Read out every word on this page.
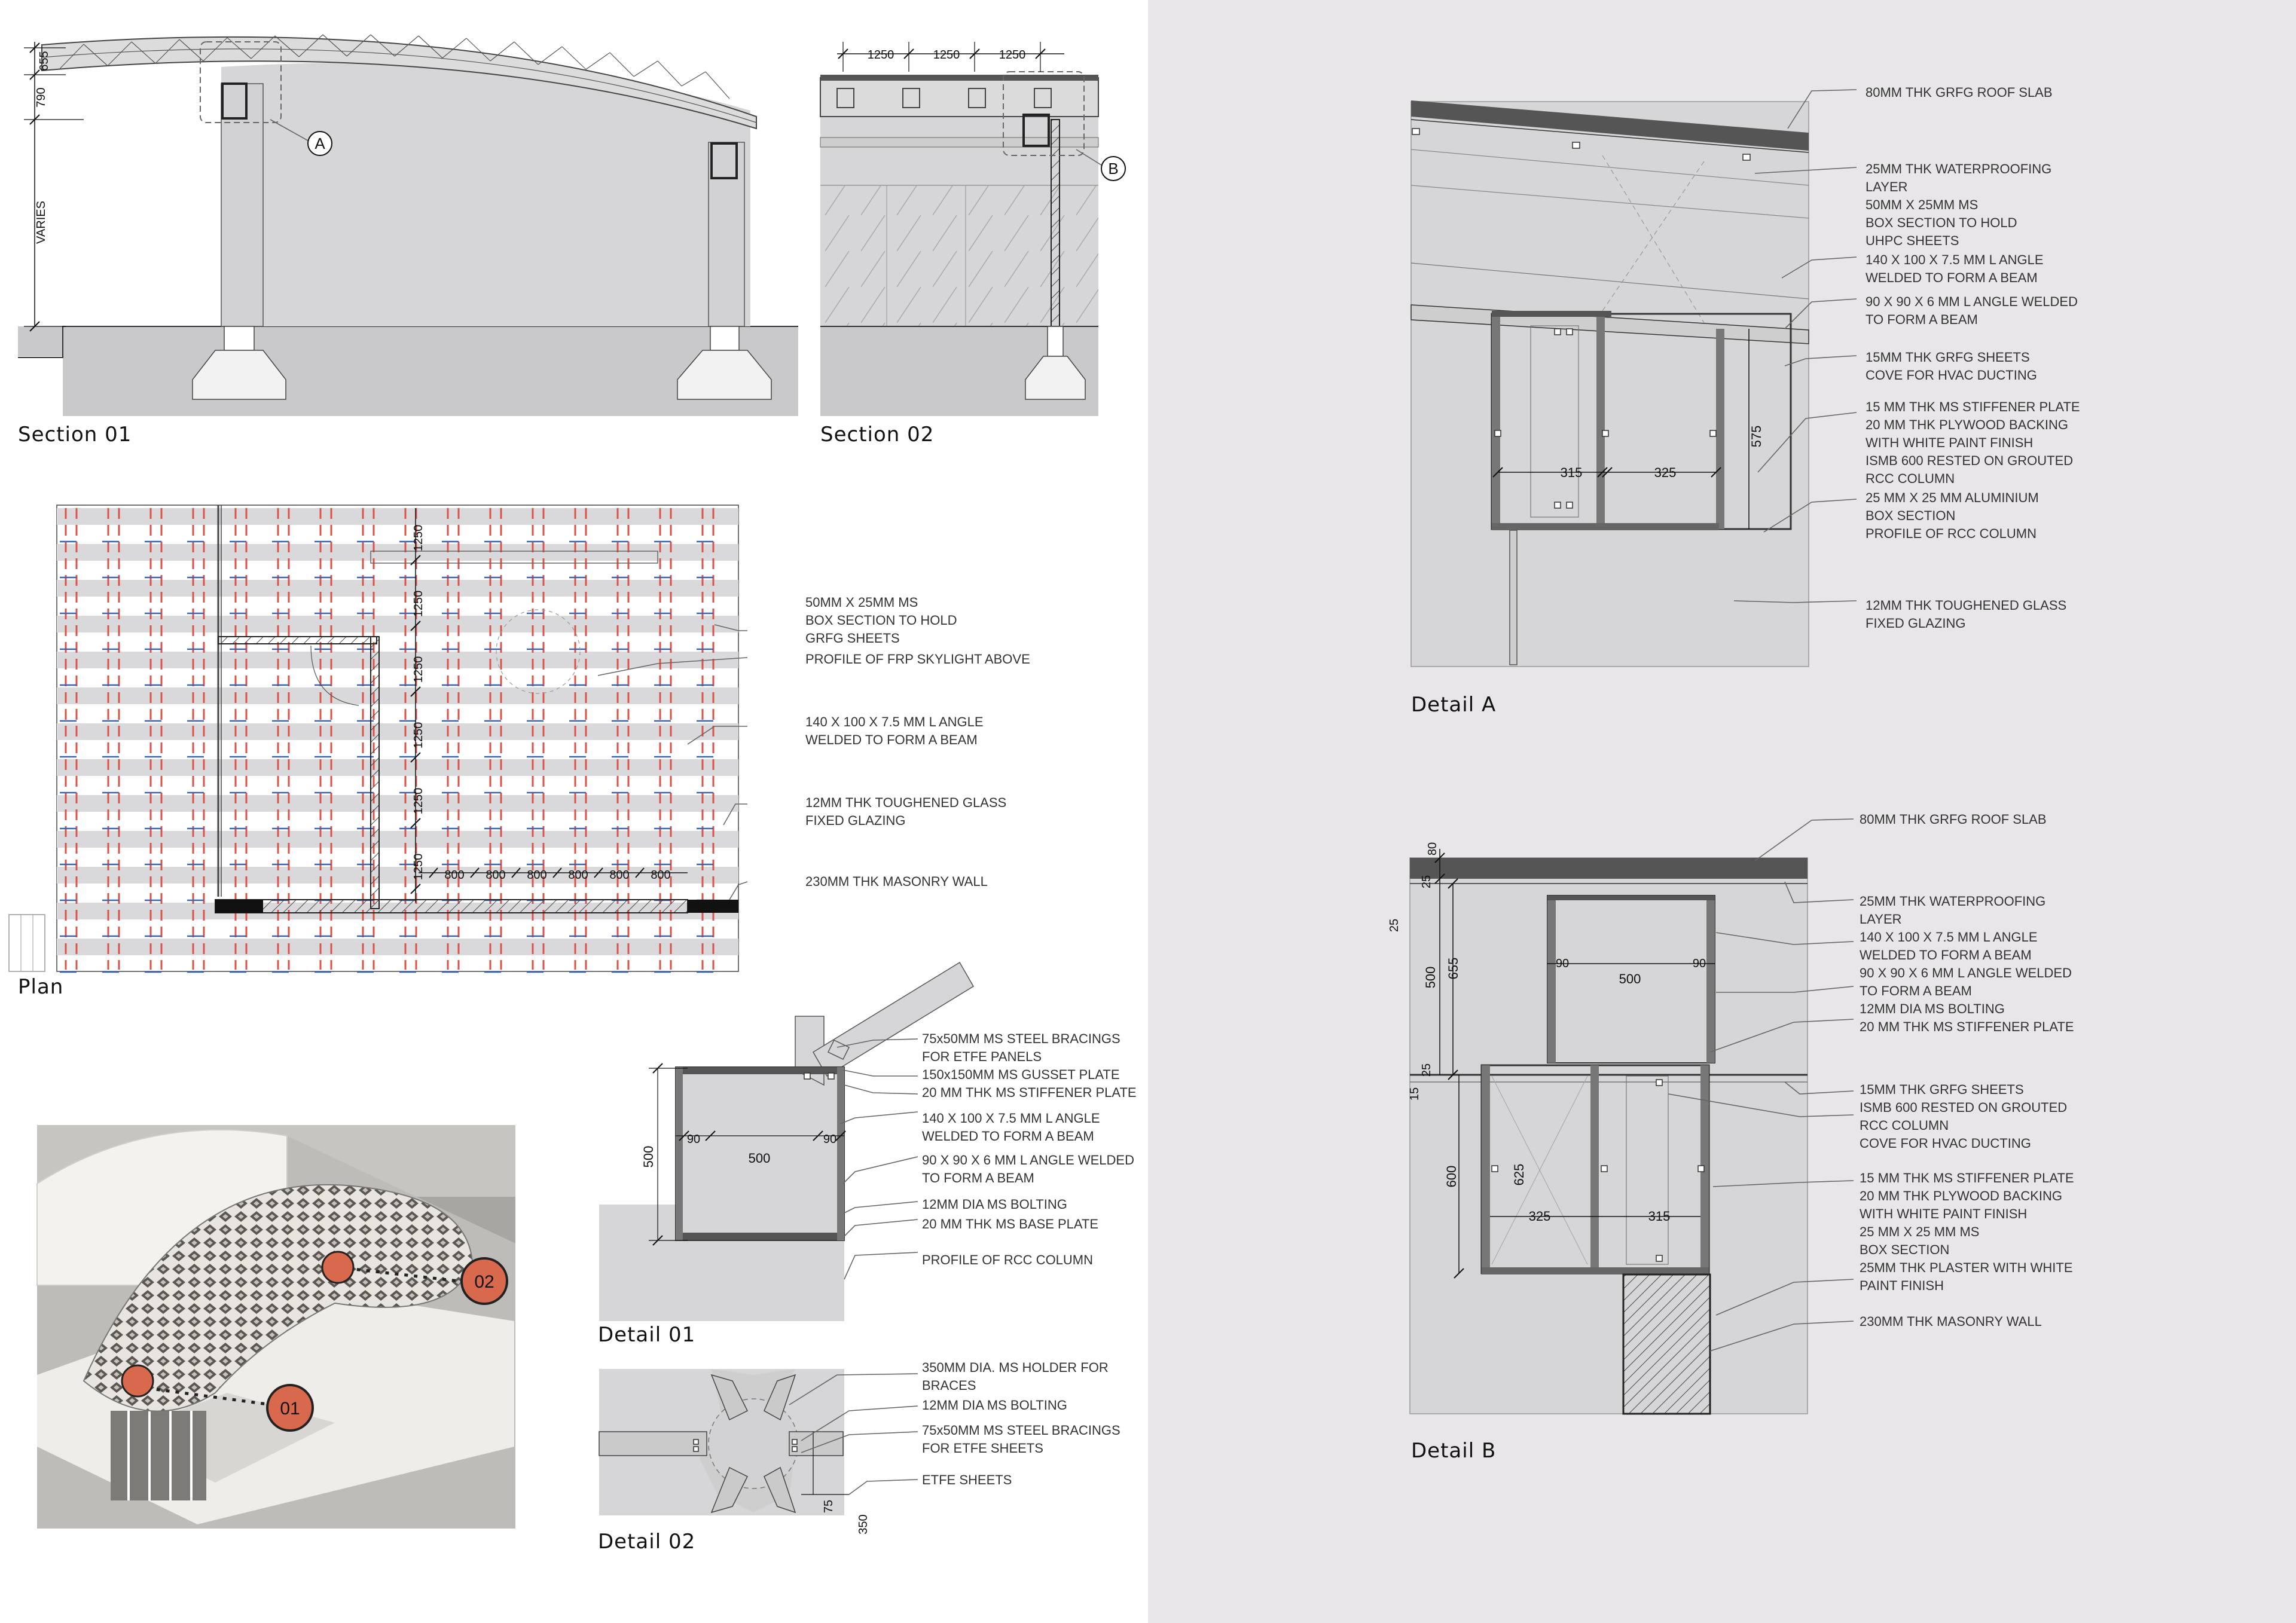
A
655
790
VARIES
Section 01
B
1250	1250	1250
Section 02
1250
1250
1250
1250
1250
1250 800 800 800 800 800 800
50MM X 25MM MS
BOX SECTION TO HOLD
GRFG SHEETS
PROFILE OF FRP SKYLIGHT ABOVE
140 X 100 X 7.5 MM L ANGLE
WELDED TO FORM A BEAM
12MM THK TOUGHENED GLASS
FIXED GLAZING
230MM THK MASONRY WALL
Plan
01
02
500
90
500
90
75x50MM MS STEEL BRACINGS
FOR ETFE PANELS
150x150MM MS GUSSET PLATE
20 MM THK MS STIFFENER PLATE
140 X 100 X 7.5 MM L ANGLE
WELDED TO FORM A BEAM
90 X 90 X 6 MM L ANGLE WELDED
TO FORM A BEAM
12MM DIA MS BOLTING
20 MM THK MS BASE PLATE
PROFILE OF RCC COLUMN
Detail 01
75
350
350MM DIA. MS HOLDER FOR
BRACES
12MM DIA MS BOLTING
75x50MM MS STEEL BRACINGS
FOR ETFE SHEETS
ETFE SHEETS
Detail 02
315	325
575
80MM THK GRFG ROOF SLAB
25MM THK WATERPROOFING
LAYER
50MM X 25MM MS
BOX SECTION TO HOLD
UHPC SHEETS
140 X 100 X 7.5 MM L ANGLE
WELDED TO FORM A BEAM
90 X 90 X 6 MM L ANGLE WELDED
TO FORM A BEAM
15MM THK GRFG SHEETS
COVE FOR HVAC DUCTING
15 MM THK MS STIFFENER PLATE
20 MM THK PLYWOOD BACKING
WITH WHITE PAINT FINISH
ISMB 600 RESTED ON GROUTED
RCC COLUMN
25 MM X 25 MM ALUMINIUM
BOX SECTION
PROFILE OF RCC COLUMN
12MM THK TOUGHENED GLASS
FIXED GLAZING
Detail A
80
25
25
500 655	90
500
90
25
15
600	625
325	315
80MM THK GRFG ROOF SLAB
25MM THK WATERPROOFING
LAYER
140 X 100 X 7.5 MM L ANGLE
WELDED TO FORM A BEAM
90 X 90 X 6 MM L ANGLE WELDED
TO FORM A BEAM
12MM DIA MS BOLTING
20 MM THK MS STIFFENER PLATE
15MM THK GRFG SHEETS
ISMB 600 RESTED ON GROUTED
RCC COLUMN
COVE FOR HVAC DUCTING
15 MM THK MS STIFFENER PLATE
20 MM THK PLYWOOD BACKING
WITH WHITE PAINT FINISH
25 MM X 25 MM MS
BOX SECTION
25MM THK PLASTER WITH WHITE
PAINT FINISH
230MM THK MASONRY WALL
Detail B
